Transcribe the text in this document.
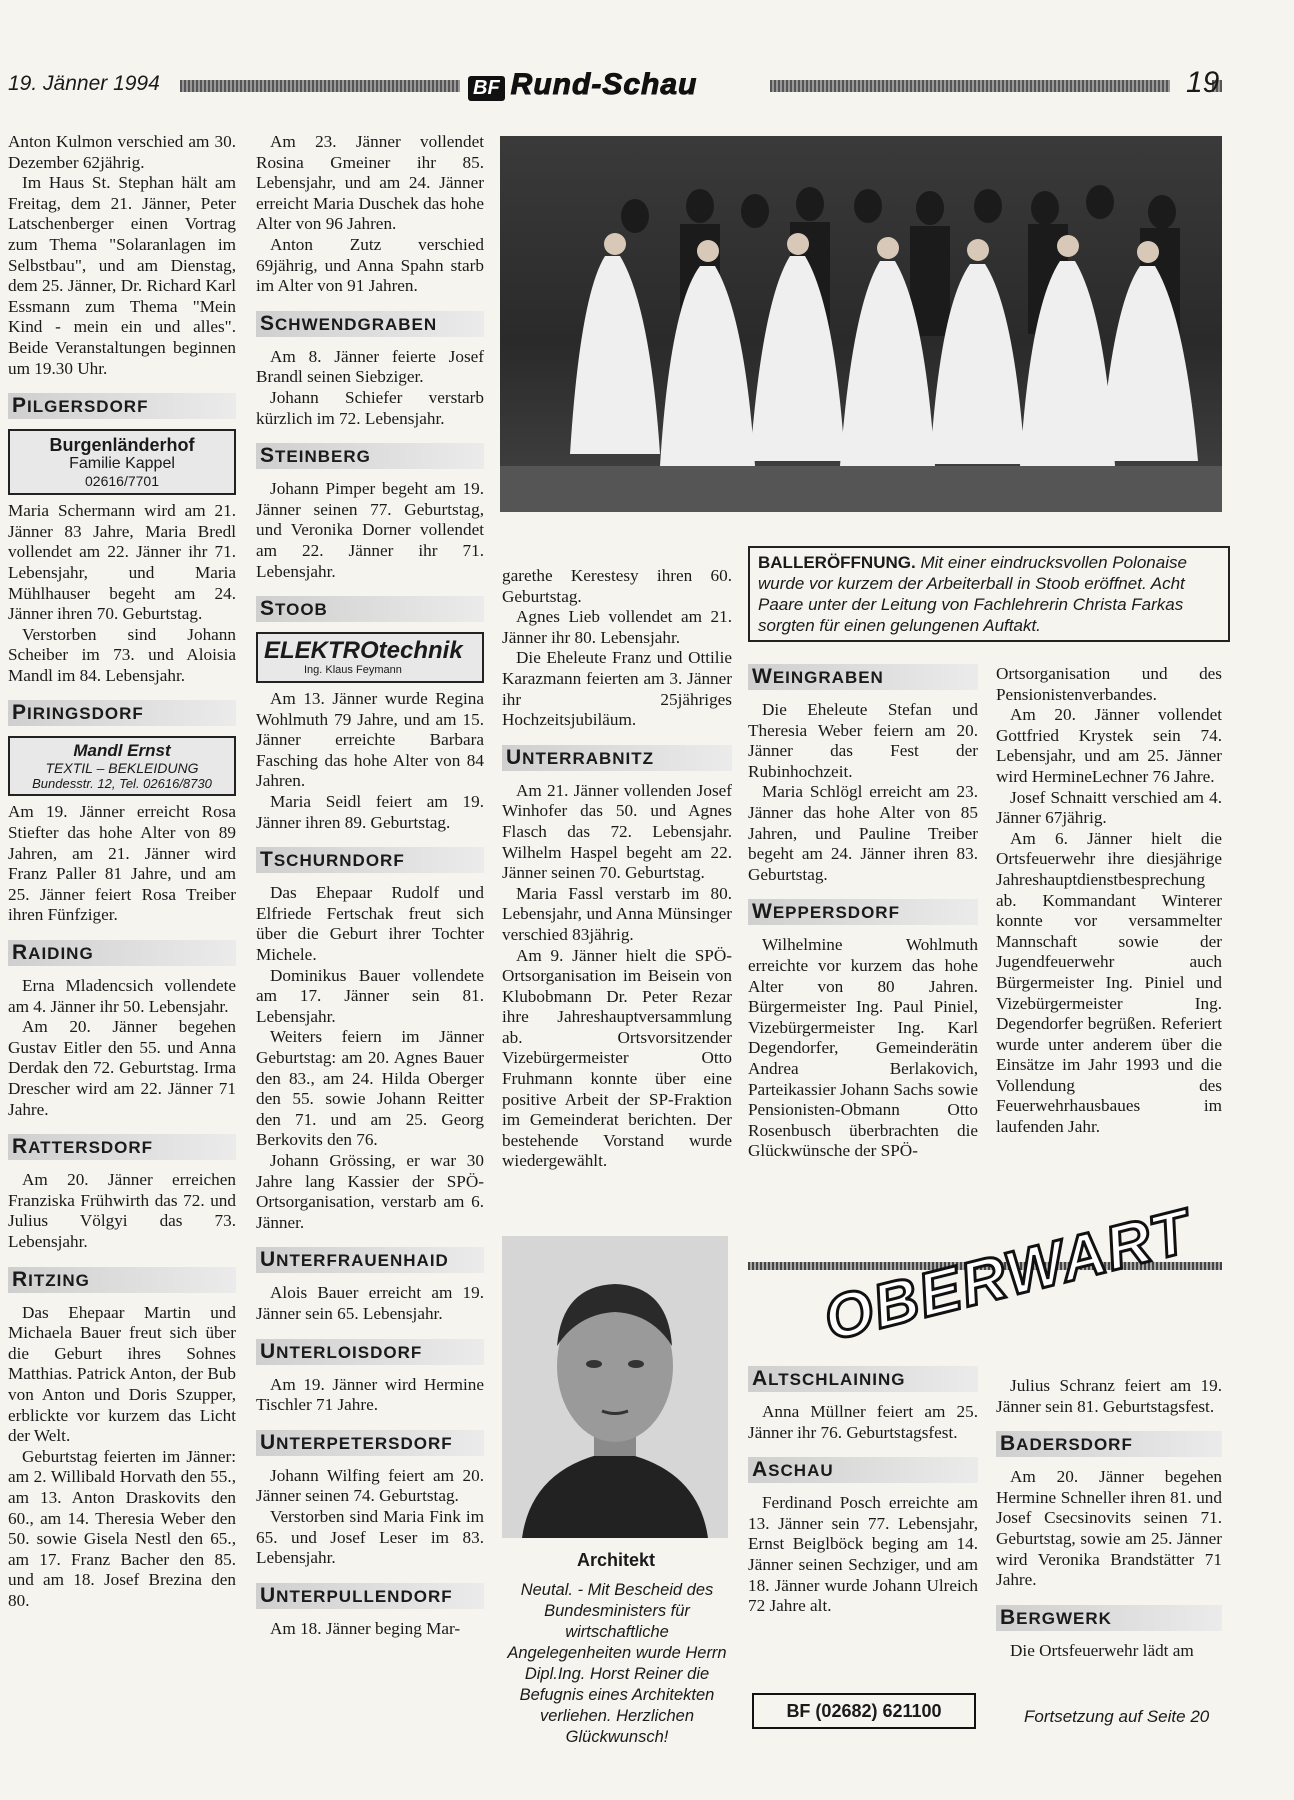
19. Jänner 1994	BF Rund-Schau	19

Anton Kulmon verschied am 30. Dezember 62jährig.

Im Haus St. Stephan hält am Freitag, dem 21. Jänner, Peter Latschenberger einen Vortrag zum Thema "Solaranlagen im Selbstbau", und am Dienstag, dem 25. Jänner, Dr. Richard Karl Essmann zum Thema "Mein Kind - mein ein und alles". Beide Veranstaltungen beginnen um 19.30 Uhr.

PILGERSDORF
Burgenländerhof
Familie Kappel
02616/7701

Maria Schermann wird am 21. Jänner 83 Jahre, Maria Bredl vollendet am 22. Jänner ihr 71. Lebensjahr, und Maria Mühlhauser begeht am 24. Jänner ihren 70. Geburtstag.

Verstorben sind Johann Scheiber im 73. und Aloisia Mandl im 84. Lebensjahr.

PIRINGSDORF
Mandl Ernst
TEXTIL – BEKLEIDUNG
Bundesstr. 12, Tel. 02616/8730

Am 19. Jänner erreicht Rosa Stiefter das hohe Alter von 89 Jahren, am 21. Jänner wird Franz Paller 81 Jahre, und am 25. Jänner feiert Rosa Treiber ihren Fünfziger.

RAIDING

Erna Mladencsich vollendete am 4. Jänner ihr 50. Lebensjahr.

Am 20. Jänner begehen Gustav Eitler den 55. und Anna Derdak den 72. Geburtstag. Irma Drescher wird am 22. Jänner 71 Jahre.

RATTERSDORF

Am 20. Jänner erreichen Franziska Frühwirth das 72. und Julius Völgyi das 73. Lebensjahr.

RITZING

Das Ehepaar Martin und Michaela Bauer freut sich über die Geburt ihres Sohnes Matthias. Patrick Anton, der Bub von Anton und Doris Szupper, erblickte vor kurzem das Licht der Welt.

Geburtstag feierten im Jänner: am 2. Willibald Horvath den 55., am 13. Anton Draskovits den 60., am 14. Theresia Weber den 50. sowie Gisela Nestl den 65., am 17. Franz Bacher den 85. und am 18. Josef Brezina den 80.

Am 23. Jänner vollendet Rosina Gmeiner ihr 85. Lebensjahr, und am 24. Jänner erreicht Maria Duschek das hohe Alter von 96 Jahren.

Anton Zutz verschied 69jährig, und Anna Spahn starb im Alter von 91 Jahren.

SCHWENDGRABEN

Am 8. Jänner feierte Josef Brandl seinen Siebziger.

Johann Schiefer verstarb kürzlich im 72. Lebensjahr.

STEINBERG

Johann Pimper begeht am 19. Jänner seinen 77. Geburtstag, und Veronika Dorner vollendet am 22. Jänner ihr 71. Lebensjahr.

STOOB
ELEKTROtechnik
Ing. Klaus Feymann

Am 13. Jänner wurde Regina Wohlmuth 79 Jahre, und am 15. Jänner erreichte Barbara Fasching das hohe Alter von 84 Jahren.

Maria Seidl feiert am 19. Jänner ihren 89. Geburtstag.

TSCHURNDORF

Das Ehepaar Rudolf und Elfriede Fertschak freut sich über die Geburt ihrer Tochter Michele.

Dominikus Bauer vollendete am 17. Jänner sein 81. Lebensjahr.

Weiters feiern im Jänner Geburtstag: am 20. Agnes Bauer den 83., am 24. Hilda Oberger den 55. sowie Johann Reitter den 71. und am 25. Georg Berkovits den 76.

Johann Grössing, er war 30 Jahre lang Kassier der SPÖ-Ortsorganisation, verstarb am 6. Jänner.

UNTERFRAUENHAID

Alois Bauer erreicht am 19. Jänner sein 65. Lebensjahr.

UNTERLOISDORF

Am 19. Jänner wird Hermine Tischler 71 Jahre.

UNTERPETERSDORF

Johann Wilfing feiert am 20. Jänner seinen 74. Geburtstag.

Verstorben sind Maria Fink im 65. und Josef Leser im 83. Lebensjahr.

UNTERPULLENDORF

Am 18. Jänner beging Mar-

BALLERÖFFNUNG. Mit einer eindrucksvollen Polonaise wurde vor kurzem der Arbeiterball in Stoob eröffnet. Acht Paare unter der Leitung von Fachlehrerin Christa Farkas sorgten für einen gelungenen Auftakt.

garethe Kerestesy ihren 60. Geburtstag.

Agnes Lieb vollendet am 21. Jänner ihr 80. Lebensjahr.

Die Eheleute Franz und Ottilie Karazmann feierten am 3. Jänner ihr 25jähriges Hochzeitsjubiläum.

UNTERRABNITZ

Am 21. Jänner vollenden Josef Winhofer das 50. und Agnes Flasch das 72. Lebensjahr. Wilhelm Haspel begeht am 22. Jänner seinen 70. Geburtstag.

Maria Fassl verstarb im 80. Lebensjahr, und Anna Münsinger verschied 83jährig.

Am 9. Jänner hielt die SPÖ-Ortsorganisation im Beisein von Klubobmann Dr. Peter Rezar ihre Jahreshauptversammlung ab. Ortsvorsitzender Vizebürgermeister Otto Fruhmann konnte über eine positive Arbeit der SP-Fraktion im Gemeinderat berichten. Der bestehende Vorstand wurde wiedergewählt.

Architekt
Neutal. - Mit Bescheid des Bundesministers für wirtschaftliche Angelegenheiten wurde Herrn Dipl.Ing. Horst Reiner die Befugnis eines Architekten verliehen. Herzlichen Glückwunsch!
WEINGRABEN

Die Eheleute Stefan und Theresia Weber feiern am 20. Jänner das Fest der Rubinhochzeit.

Maria Schlögl erreicht am 23. Jänner das hohe Alter von 85 Jahren, und Pauline Treiber begeht am 24. Jänner ihren 83. Geburtstag.

WEPPERSDORF

Wilhelmine Wohlmuth erreichte vor kurzem das hohe Alter von 80 Jahren. Bürgermeister Ing. Paul Piniel, Vizebürgermeister Ing. Karl Degendorfer, Gemeinderätin Andrea Berlakovich, Parteikassier Johann Sachs sowie Pensionisten-Obmann Otto Rosenbusch überbrachten die Glückwünsche der SPÖ-

Ortsorganisation und des Pensionistenverbandes.

Am 20. Jänner vollendet Gottfried Krystek sein 74. Lebensjahr, und am 25. Jänner wird HermineLechner 76 Jahre.

Josef Schnaitt verschied am 4. Jänner 67jährig.

Am 6. Jänner hielt die Ortsfeuerwehr ihre diesjährige Jahreshauptdienstbesprechung ab. Kommandant Winterer konnte vor versammelter Mannschaft sowie der Jugendfeuerwehr auch Bürgermeister Ing. Piniel und Vizebürgermeister Ing. Degendorfer begrüßen. Referiert wurde unter anderem über die Einsätze im Jahr 1993 und die Vollendung des Feuerwehrhausbaues im laufenden Jahr.

OBERWART
ALTSCHLAINING

Anna Müllner feiert am 25. Jänner ihr 76. Geburtstagsfest.

ASCHAU

Ferdinand Posch erreichte am 13. Jänner sein 77. Lebensjahr, Ernst Beiglböck beging am 14. Jänner seinen Sechziger, und am 18. Jänner wurde Johann Ulreich 72 Jahre alt.

BF (02682) 621100

Julius Schranz feiert am 19. Jänner sein 81. Geburtstagsfest.

BADERSDORF

Am 20. Jänner begehen Hermine Schneller ihren 81. und Josef Csecsinovits seinen 71. Geburtstag, sowie am 25. Jänner wird Veronika Brandstätter 71 Jahre.

BERGWERK

Die Ortsfeuerwehr lädt am

Fortsetzung auf Seite 20
